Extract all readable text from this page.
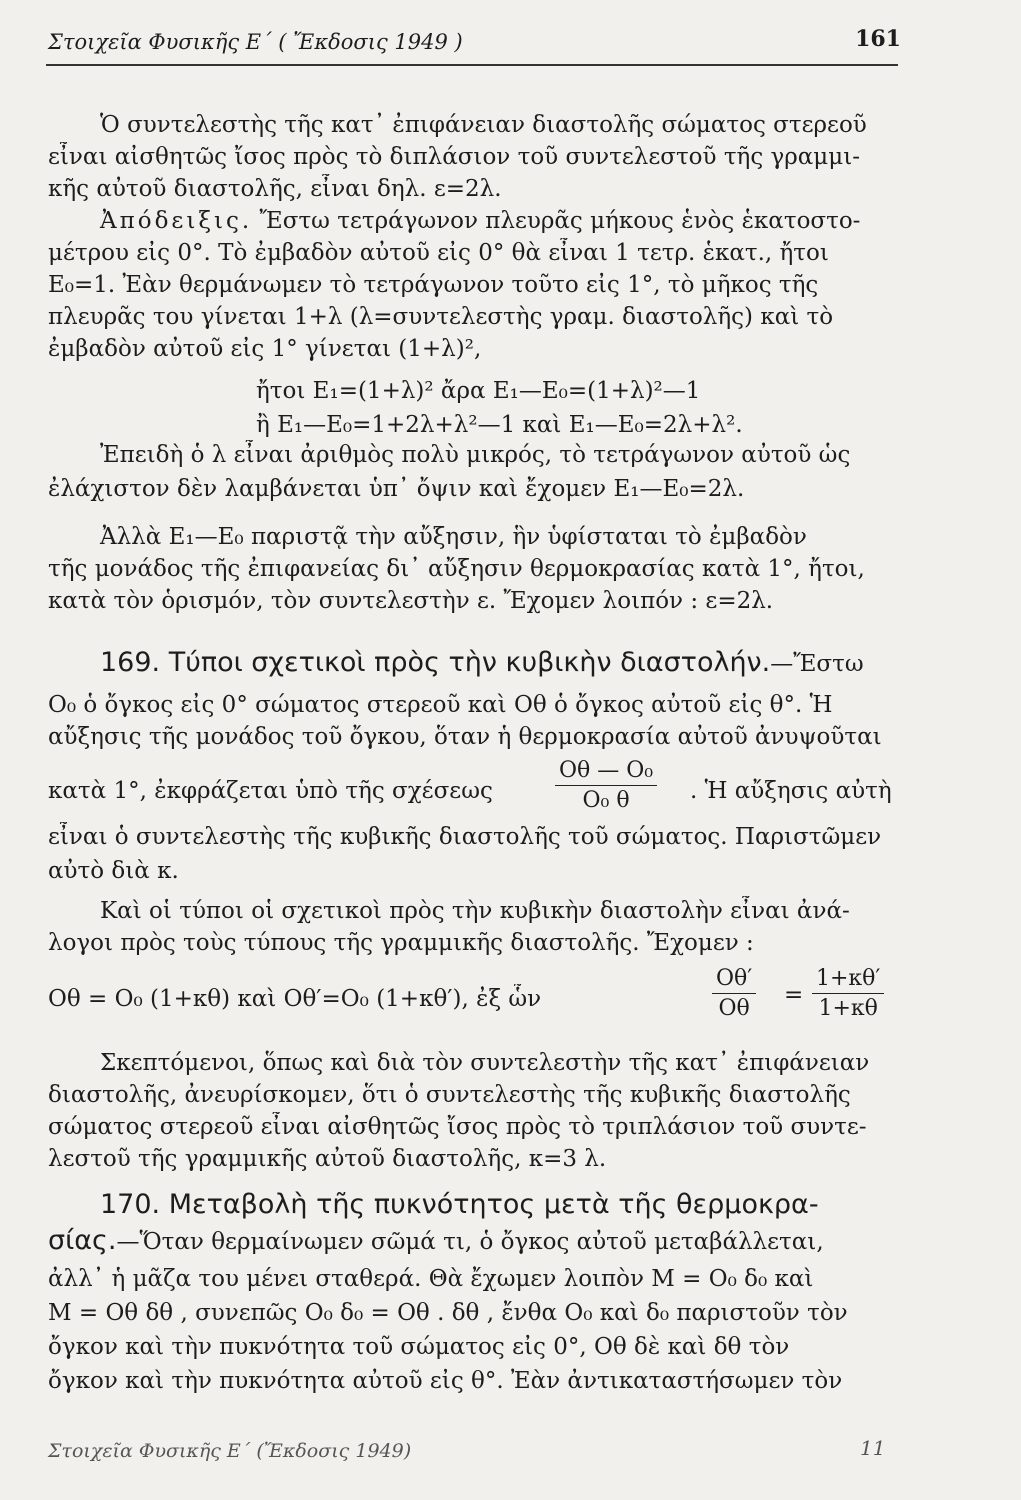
Στοιχεῖα Φυσικῆς Ε΄ ( Ἔκδοσις 1949 )	161
Ὁ συντελεστὴς τῆς κατ᾽ ἐπιφάνειαν διαστολῆς σώματος στερεοῦ
εἶναι αἰσθητῶς ἴσος πρὸς τὸ διπλάσιον τοῦ συντελεστοῦ τῆς γραμμι-
κῆς αὐτοῦ διαστολῆς, εἶναι δηλ. ε=2λ.
Ἀπόδειξις. Ἔστω τετράγωνον πλευρᾶς μήκους ἑνὸς ἑκατοστο-
μέτρου εἰς 0°. Τὸ ἐμβαδὸν αὐτοῦ εἰς 0° θὰ εἶναι 1 τετρ. ἑκατ., ἤτοι
E₀=1. Ἐὰν θερμάνωμεν τὸ τετράγωνον τοῦτο εἰς 1°, τὸ μῆκος τῆς
πλευρᾶς του γίνεται 1+λ (λ=συντελεστὴς γραμ. διαστολῆς) καὶ τὸ
ἐμβαδὸν αὐτοῦ εἰς 1° γίνεται (1+λ)²,
ἤτοι E₁=(1+λ)² ἄρα E₁—E₀=(1+λ)²—1
ἢ E₁—E₀=1+2λ+λ²—1 καὶ E₁—E₀=2λ+λ².
Ἐπειδὴ ὁ λ εἶναι ἀριθμὸς πολὺ μικρός, τὸ τετράγωνον αὐτοῦ ὡς
ἐλάχιστον δὲν λαμβάνεται ὑπ᾽ ὄψιν καὶ ἔχομεν E₁—E₀=2λ.
Ἀλλὰ E₁—E₀ παριστᾷ τὴν αὔξησιν, ἣν ὑφίσταται τὸ ἐμβαδὸν
τῆς μονάδος τῆς ἐπιφανείας δι᾽ αὔξησιν θερμοκρασίας κατὰ 1°, ἤτοι,
κατὰ τὸν ὁρισμόν, τὸν συντελεστὴν ε. Ἔχομεν λοιπόν : ε=2λ.
169. Τύποι σχετικοὶ πρὸς τὴν κυβικὴν διαστολήν.—Ἔστω
O₀ ὁ ὄγκος εἰς 0° σώματος στερεοῦ καὶ Oθ ὁ ὄγκος αὐτοῦ εἰς θ°. Ἡ
αὔξησις τῆς μονάδος τοῦ ὄγκου, ὅταν ἡ θερμοκρασία αὐτοῦ ἀνυψοῦται
κατὰ 1°, ἐκφράζεται ὑπὸ τῆς σχέσεως	$\frac{\text{Oθ — O₀}}{\text{O₀ θ}}$ . Ἡ αὔξησις αὐτὴ
εἶναι ὁ συντελεστὴς τῆς κυβικῆς διαστολῆς τοῦ σώματος. Παριστῶμεν
αὐτὸ διὰ κ.
Καὶ οἱ τύποι οἱ σχετικοὶ πρὸς τὴν κυβικὴν διαστολὴν εἶναι ἀνά-
λογοι πρὸς τοὺς τύπους τῆς γραμμικῆς διαστολῆς. Ἔχομεν :
Oθ = O₀ (1+κθ) καὶ Oθ′=O₀ (1+κθ′), ἐξ ὧν	$\frac{O\theta'}{O\theta} = \frac{1+\kappa\theta'}{1+\kappa\theta}$
Σκεπτόμενοι, ὅπως καὶ διὰ τὸν συντελεστὴν τῆς κατ᾽ ἐπιφάνειαν
διαστολῆς, ἀνευρίσκομεν, ὅτι ὁ συντελεστὴς τῆς κυβικῆς διαστολῆς
σώματος στερεοῦ εἶναι αἰσθητῶς ἴσος πρὸς τὸ τριπλάσιον τοῦ συντε-
λεστοῦ τῆς γραμμικῆς αὐτοῦ διαστολῆς, κ=3 λ.
170. Μεταβολὴ τῆς πυκνότητος μετὰ τῆς θερμοκρα-
σίας.—Ὅταν θερμαίνωμεν σῶμά τι, ὁ ὄγκος αὐτοῦ μεταβάλλεται,
ἀλλ᾽ ἡ μᾶζα του μένει σταθερά. Θὰ ἔχωμεν λοιπὸν M = O₀ δ₀ καὶ
M = Oθ δθ , συνεπῶς O₀ δ₀ = Oθ . δθ , ἔνθα O₀ καὶ δ₀ παριστοῦν τὸν
ὄγκον καὶ τὴν πυκνότητα τοῦ σώματος εἰς 0°, Oθ δὲ καὶ δθ τὸν
ὄγκον καὶ τὴν πυκνότητα αὐτοῦ εἰς θ°. Ἐὰν ἀντικαταστήσωμεν τὸν
Στοιχεῖα Φυσικῆς Ε΄ (Ἔκδοσις 1949)	11
